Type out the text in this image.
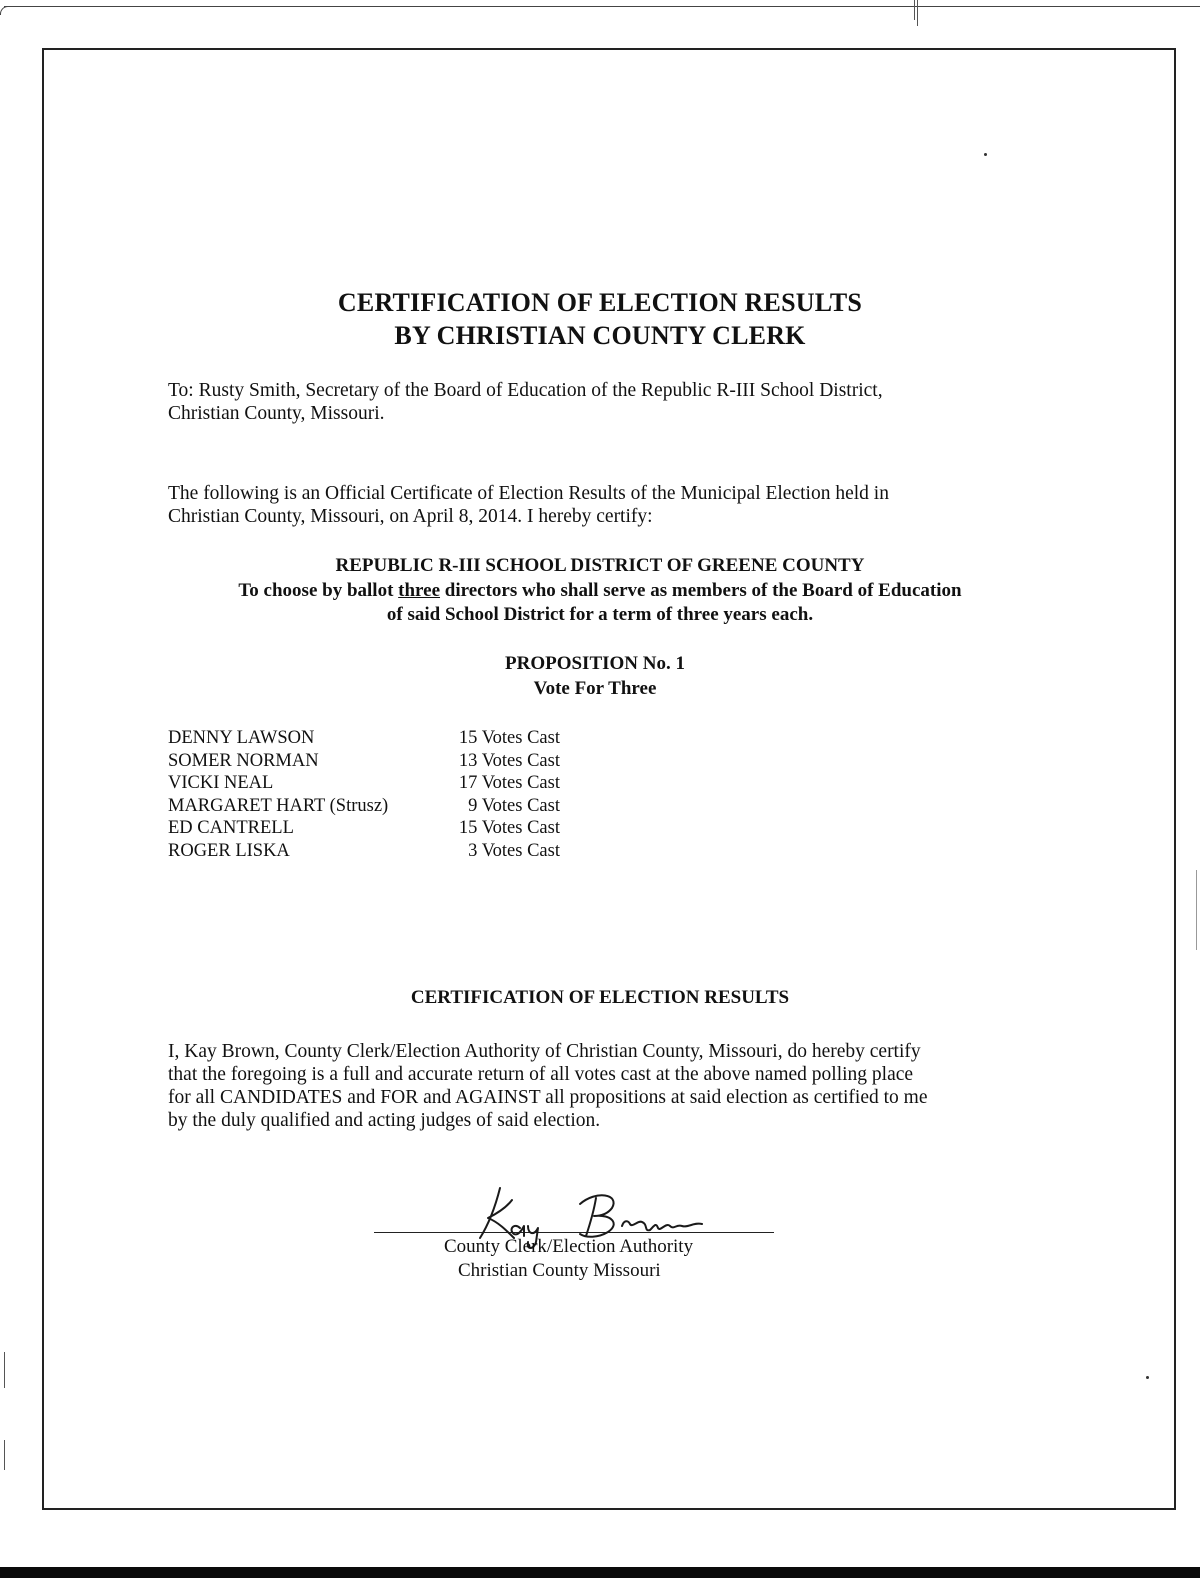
CERTIFICATION OF ELECTION RESULTS
BY CHRISTIAN COUNTY CLERK

To: Rusty Smith, Secretary of the Board of Education of the Republic R-III School District,

Christian County, Missouri.

The following is an Official Certificate of Election Results of the Municipal Election held in

Christian County, Missouri, on April 8, 2014. I hereby certify:

REPUBLIC R-III SCHOOL DISTRICT OF GREENE COUNTY
To choose by ballot three directors who shall serve as members of the Board of Education
of said School District for a term of three years each.
PROPOSITION No. 1
Vote For Three
DENNY LAWSON	15 Votes Cast
SOMER NORMAN	13 Votes Cast
VICKI NEAL	17 Votes Cast
MARGARET HART (Strusz)	9 Votes Cast
ED CANTRELL	15 Votes Cast
ROGER LISKA	3 Votes Cast
CERTIFICATION OF ELECTION RESULTS

I, Kay Brown, County Clerk/Election Authority of Christian County, Missouri, do hereby certify

that the foregoing is a full and accurate return of all votes cast at the above named polling place

for all CANDIDATES and FOR and AGAINST all propositions at said election as certified to me

by the duly qualified and acting judges of said election.

County Clerk/Election Authority
Christian County Missouri
